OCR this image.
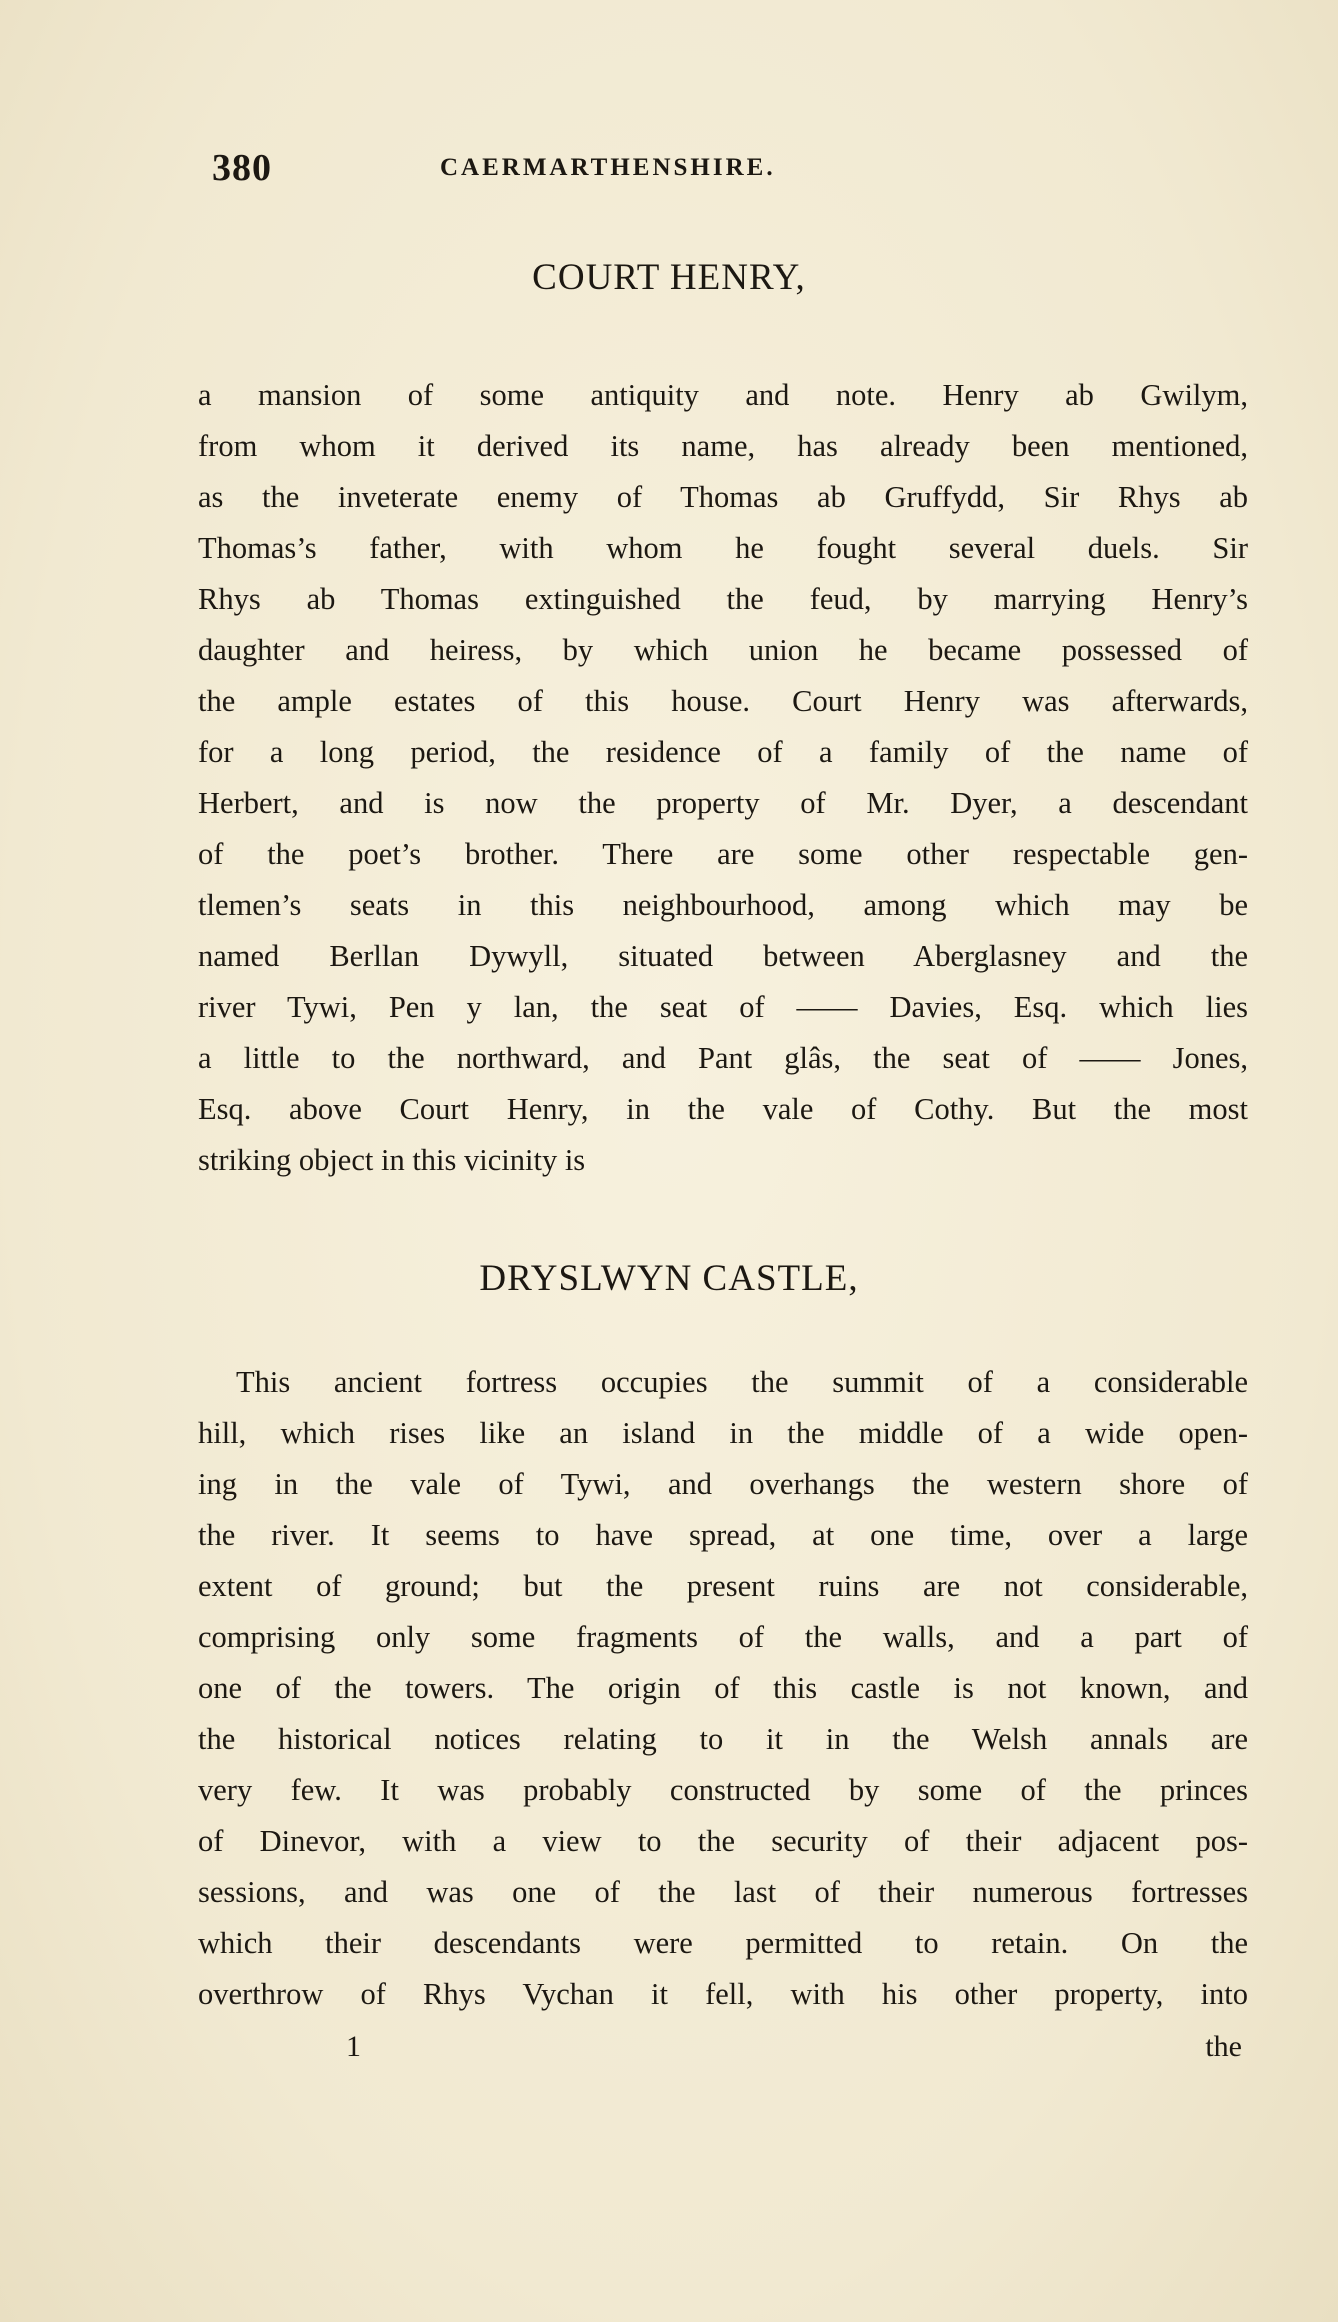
380	CAERMARTHENSHIRE.
COURT HENRY,
a mansion of some antiquity and note. Henry ab Gwilym,
from whom it derived its name, has already been mentioned,
as the inveterate enemy of Thomas ab Gruffydd, Sir Rhys ab
Thomas’s father, with whom he fought several duels. Sir
Rhys ab Thomas extinguished the feud, by marrying Henry’s
daughter and heiress, by which union he became possessed of
the ample estates of this house. Court Henry was afterwards,
for a long period, the residence of a family of the name of
Herbert, and is now the property of Mr. Dyer, a descendant
of the poet’s brother. There are some other respectable gen-
tlemen’s seats in this neighbourhood, among which may be
named Berllan Dywyll, situated between Aberglasney and the
river Tywi, Pen y lan, the seat of —— Davies, Esq. which lies
a little to the northward, and Pant glâs, the seat of —— Jones,
Esq. above Court Henry, in the vale of Cothy. But the most
striking object in this vicinity is
DRYSLWYN CASTLE,
This ancient fortress occupies the summit of a considerable
hill, which rises like an island in the middle of a wide open-
ing in the vale of Tywi, and overhangs the western shore of
the river. It seems to have spread, at one time, over a large
extent of ground; but the present ruins are not considerable,
comprising only some fragments of the walls, and a part of
one of the towers. The origin of this castle is not known, and
the historical notices relating to it in the Welsh annals are
very few. It was probably constructed by some of the princes
of Dinevor, with a view to the security of their adjacent pos-
sessions, and was one of the last of their numerous fortresses
which their descendants were permitted to retain. On the
overthrow of Rhys Vychan it fell, with his other property, into
1	the
